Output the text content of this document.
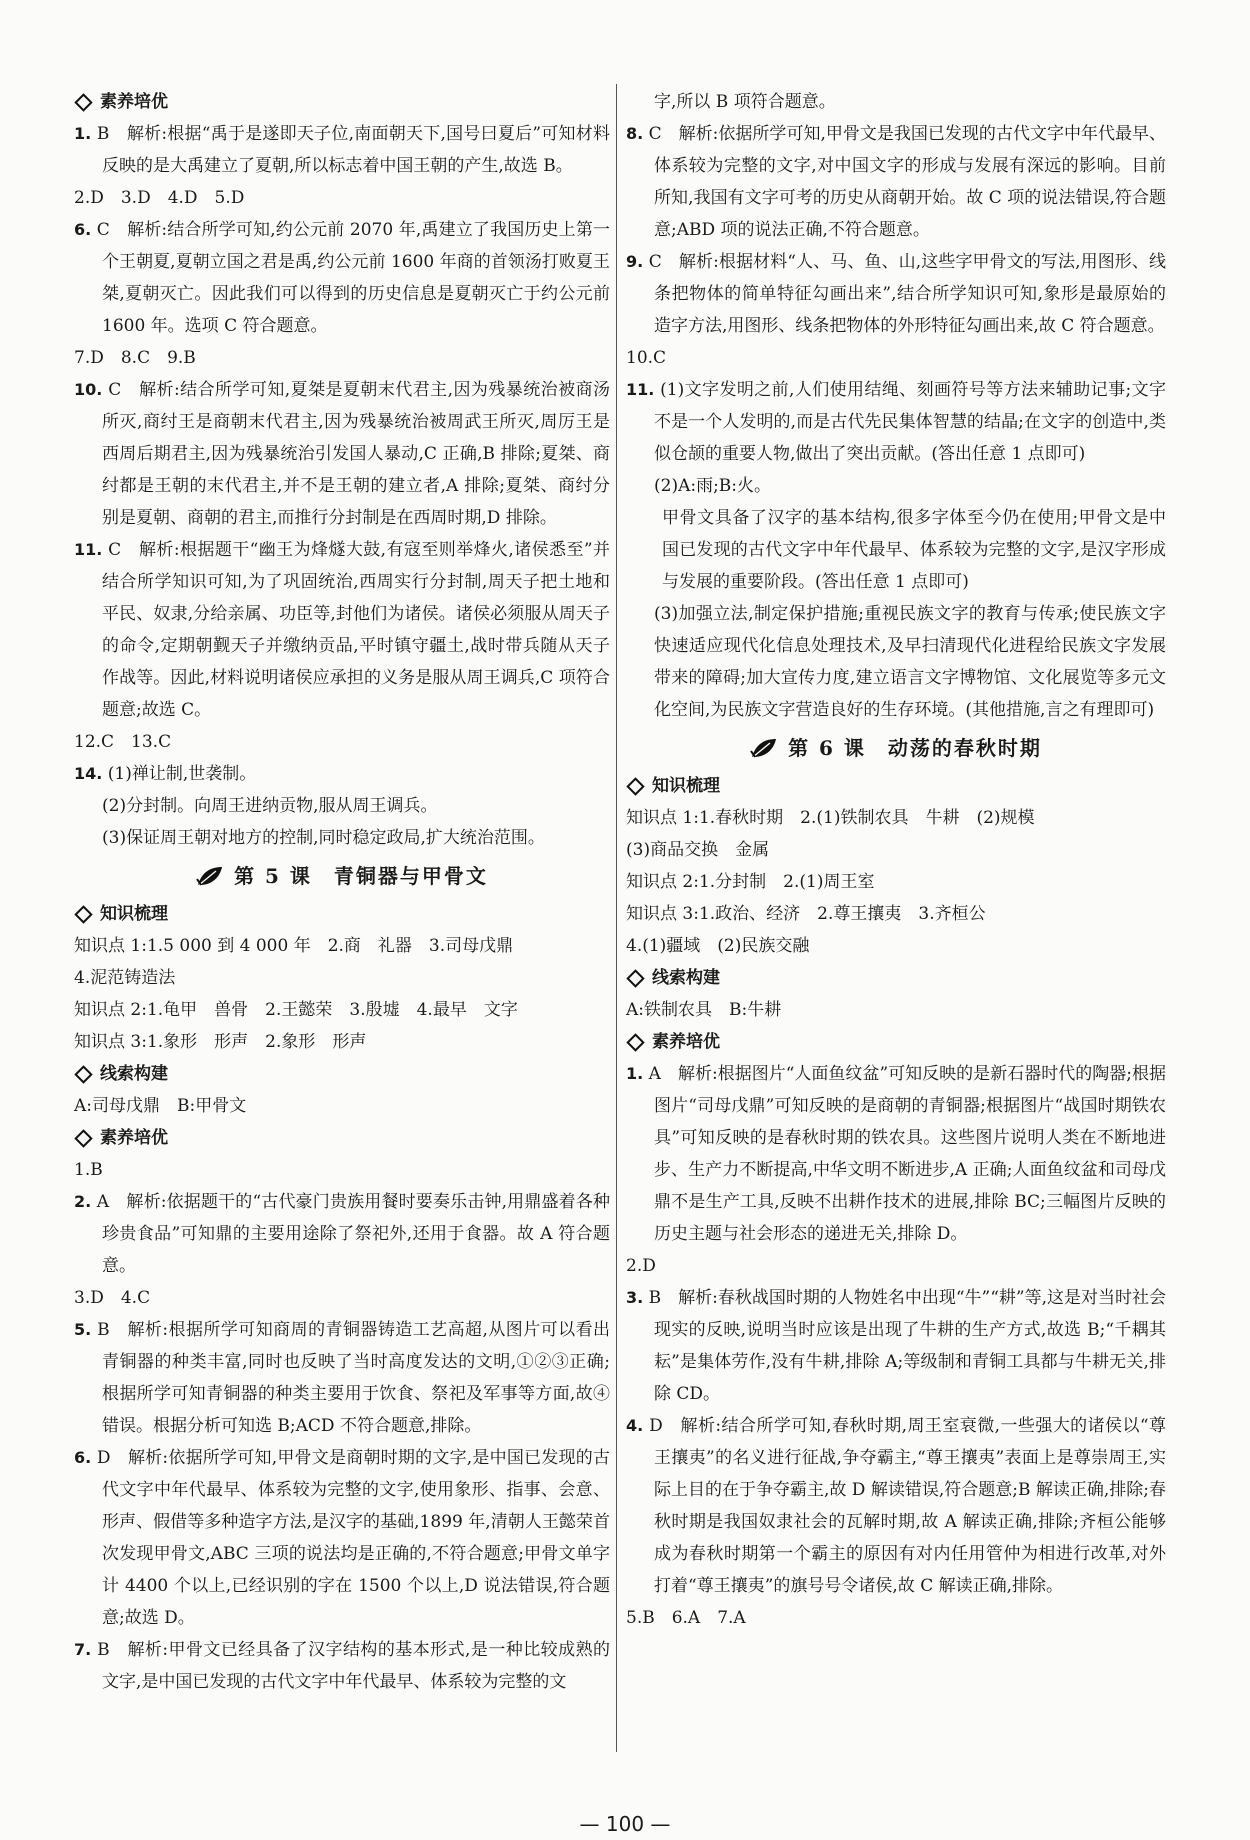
素养培优

1. B　解析:根据“禹于是遂即天子位,南面朝天下,国号曰夏后”可知材料反映的是大禹建立了夏朝,所以标志着中国王朝的产生,故选 B。

2.D　3.D　4.D　5.D

6. C　解析:结合所学可知,约公元前 2070 年,禹建立了我国历史上第一个王朝夏,夏朝立国之君是禹,约公元前 1600 年商的首领汤打败夏王桀,夏朝灭亡。因此我们可以得到的历史信息是夏朝灭亡于约公元前 1600 年。选项 C 符合题意。

7.D　8.C　9.B

10. C　解析:结合所学可知,夏桀是夏朝末代君主,因为残暴统治被商汤所灭,商纣王是商朝末代君主,因为残暴统治被周武王所灭,周厉王是西周后期君主,因为残暴统治引发国人暴动,C 正确,B 排除;夏桀、商纣都是王朝的末代君主,并不是王朝的建立者,A 排除;夏桀、商纣分别是夏朝、商朝的君主,而推行分封制是在西周时期,D 排除。

11. C　解析:根据题干“幽王为烽燧大鼓,有寇至则举烽火,诸侯悉至”并结合所学知识可知,为了巩固统治,西周实行分封制,周天子把土地和平民、奴隶,分给亲属、功臣等,封他们为诸侯。诸侯必须服从周天子的命令,定期朝觐天子并缴纳贡品,平时镇守疆土,战时带兵随从天子作战等。因此,材料说明诸侯应承担的义务是服从周王调兵,C 项符合题意;故选 C。

12.C　13.C

14. (1)禅让制,世袭制。

(2)分封制。向周王进纳贡物,服从周王调兵。

(3)保证周王朝对地方的控制,同时稳定政局,扩大统治范围。

第 5 课　青铜器与甲骨文
知识梳理

知识点 1:1.5 000 到 4 000 年　2.商　礼器　3.司母戊鼎

4.泥范铸造法

知识点 2:1.龟甲　兽骨　2.王懿荣　3.殷墟　4.最早　文字

知识点 3:1.象形　形声　2.象形　形声

线索构建

A:司母戊鼎　B:甲骨文

素养培优

1.B

2. A　解析:依据题干的“古代豪门贵族用餐时要奏乐击钟,用鼎盛着各种珍贵食品”可知鼎的主要用途除了祭祀外,还用于食器。故 A 符合题意。

3.D　4.C

5. B　解析:根据所学可知商周的青铜器铸造工艺高超,从图片可以看出青铜器的种类丰富,同时也反映了当时高度发达的文明,①②③正确;根据所学可知青铜器的种类主要用于饮食、祭祀及军事等方面,故④错误。根据分析可知选 B;ACD 不符合题意,排除。

6. D　解析:依据所学可知,甲骨文是商朝时期的文字,是中国已发现的古代文字中年代最早、体系较为完整的文字,使用象形、指事、会意、形声、假借等多种造字方法,是汉字的基础,1899 年,清朝人王懿荣首次发现甲骨文,ABC 三项的说法均是正确的,不符合题意;甲骨文单字计 4400 个以上,已经识别的字在 1500 个以上,D 说法错误,符合题意;故选 D。

7. B　解析:甲骨文已经具备了汉字结构的基本形式,是一种比较成熟的文字,是中国已发现的古代文字中年代最早、体系较为完整的文

字,所以 B 项符合题意。

8. C　解析:依据所学可知,甲骨文是我国已发现的古代文字中年代最早、体系较为完整的文字,对中国文字的形成与发展有深远的影响。目前所知,我国有文字可考的历史从商朝开始。故 C 项的说法错误,符合题意;ABD 项的说法正确,不符合题意。

9. C　解析:根据材料“人、马、鱼、山,这些字甲骨文的写法,用图形、线条把物体的简单特征勾画出来”,结合所学知识可知,象形是最原始的造字方法,用图形、线条把物体的外形特征勾画出来,故 C 符合题意。

10.C

11. (1)文字发明之前,人们使用结绳、刻画符号等方法来辅助记事;文字不是一个人发明的,而是古代先民集体智慧的结晶;在文字的创造中,类似仓颉的重要人物,做出了突出贡献。(答出任意 1 点即可)

(2)A:雨;B:火。

甲骨文具备了汉字的基本结构,很多字体至今仍在使用;甲骨文是中国已发现的古代文字中年代最早、体系较为完整的文字,是汉字形成与发展的重要阶段。(答出任意 1 点即可)

(3)加强立法,制定保护措施;重视民族文字的教育与传承;使民族文字快速适应现代化信息处理技术,及早扫清现代化进程给民族文字发展带来的障碍;加大宣传力度,建立语言文字博物馆、文化展览等多元文化空间,为民族文字营造良好的生存环境。(其他措施,言之有理即可)

第 6 课　动荡的春秋时期
知识梳理

知识点 1:1.春秋时期　2.(1)铁制农具　牛耕　(2)规模

(3)商品交换　金属

知识点 2:1.分封制　2.(1)周王室

知识点 3:1.政治、经济　2.尊王攘夷　3.齐桓公

4.(1)疆域　(2)民族交融

线索构建

A:铁制农具　B:牛耕

素养培优

1. A　解析:根据图片“人面鱼纹盆”可知反映的是新石器时代的陶器;根据图片“司母戊鼎”可知反映的是商朝的青铜器;根据图片“战国时期铁农具”可知反映的是春秋时期的铁农具。这些图片说明人类在不断地进步、生产力不断提高,中华文明不断进步,A 正确;人面鱼纹盆和司母戊鼎不是生产工具,反映不出耕作技术的进展,排除 BC;三幅图片反映的历史主题与社会形态的递进无关,排除 D。

2.D

3. B　解析:春秋战国时期的人物姓名中出现“牛”“耕”等,这是对当时社会现实的反映,说明当时应该是出现了牛耕的生产方式,故选 B;“千耦其耘”是集体劳作,没有牛耕,排除 A;等级制和青铜工具都与牛耕无关,排除 CD。

4. D　解析:结合所学可知,春秋时期,周王室衰微,一些强大的诸侯以“尊王攘夷”的名义进行征战,争夺霸主,“尊王攘夷”表面上是尊崇周王,实际上目的在于争夺霸主,故 D 解读错误,符合题意;B 解读正确,排除;春秋时期是我国奴隶社会的瓦解时期,故 A 解读正确,排除;齐桓公能够成为春秋时期第一个霸主的原因有对内任用管仲为相进行改革,对外打着“尊王攘夷”的旗号号令诸侯,故 C 解读正确,排除。

5.B　6.A　7.A

— 100 —
